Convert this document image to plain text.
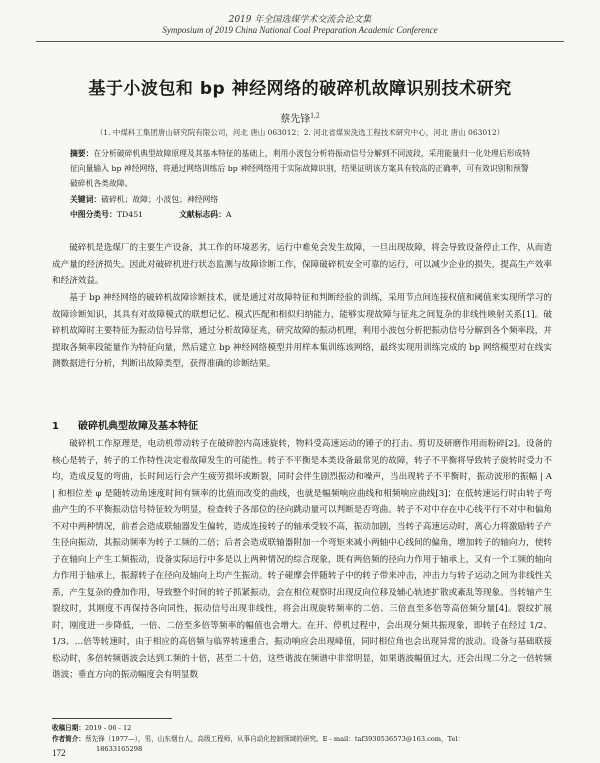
2019 年全国选煤学术交流会论文集
Symposium of 2019 China National Coal Preparation Academic Conference
基于小波包和 bp 神经网络的破碎机故障识别技术研究
蔡先锋$^{1,2}$
（1. 中煤科工集团唐山研究院有限公司，河北 唐山 063012；2. 河北省煤炭洗选工程技术研究中心，河北 唐山 063012）
摘要：在分析破碎机典型故障原理及其基本特征的基础上，利用小波包分析将振动信号分解到不同波段，采用能量归一化处理后形成特征向量输入 bp 神经网络，将通过网络训练后 bp 神经网络用于实际故障识别，结果证明该方案具有较高的正确率，可有效识别和预警破碎机各类故障。
关键词：破碎机；故障；小波包；神经网络
中图分类号：TD451	文献标志码：A

破碎机是选煤厂的主要生产设备，其工作的环境恶劣，运行中难免会发生故障，一旦出现故障，将会导致设备停止工作，从而造成产量的经济损失。因此对破碎机进行状态监测与故障诊断工作，保障破碎机安全可靠的运行，可以减少企业的损失，提高生产效率和经济效益。

基于 bp 神经网络的破碎机故障诊断技术，就是通过对故障特征和判断经验的训练，采用节点间连接权值和阈值来实现所学习的故障诊断知识，其具有对故障模式的联想记忆、模式匹配和相似归纳能力，能够实现故障与征兆之间复杂的非线性映射关系[1]。破碎机故障时主要特征为振动信号异常，通过分析故障征兆，研究故障的振动机理，利用小波包分析把振动信号分解到各个频率段，并提取各频率段能量作为特征向量，然后建立 bp 神经网络模型并用样本集训练该网络，最终实现用训练完成的 bp 网络模型对在线实测数据进行分析，判断出故障类型，获得准确的诊断结果。

1 破碎机典型故障及基本特征

破碎机工作原理是，电动机带动转子在破碎腔内高速旋转，物料受高速运动的锤子的打击、剪切及研磨作用而粉碎[2]。设备的核心是转子，转子的工作特性决定着故障发生的可能性。转子不平衡是本类设备最常见的故障，转子不平衡将导致转子旋转时受力不均，造成反复的弯曲，长时间运行会产生疲劳损坏或断裂，同时会伴生剧烈振动和噪声，当出现转子不平衡时，振动波形的振幅 | A | 和相位差 φ 是随转动角速度时间有频率的比值而改变的曲线，也就是幅频响应曲线和相频响应曲线[3]；在低转速运行时由转子弯曲产生的不平衡振动信号特征较为明显，检查转子各部位的径向跳动量可以判断是否弯曲。转子不对中存在中心线平行不对中和偏角不对中两种情况，前者会造成联轴器发生偏转，造成连接转子的轴承受较不高，振动加剧，当转子高速运动时，离心力将激励转子产生径向振动，其振动频率为转子工频的二倍；后者会造成联轴器附加一个弯矩来减小两轴中心线间的偏角，增加转子的轴向力，使转子在轴向上产生工频振动，设备实际运行中多是以上两种情况的综合现象，既有两倍频的径向力作用于轴承上，又有一个工频的轴向力作用于轴承上，振源转子在径向及轴向上均产生振动。转子碰摩会伴随转子中的转子带来冲击，冲击力与转子运动之间为非线性关系，产生复杂的叠加作用，导致整个时间的转子抓紧振动，会在相位观察时出现反向位移及辅心轨迹扩散或紊乱等现象。当转轴产生裂纹时，其刚度不再保持各向同性，振动信号出现非线性，将会出现旋转频率的二倍、三倍直至多倍等高倍频分量[4]。裂纹扩展时，刚度进一步降低，一倍、二倍至多倍等频率的幅值也会增大。在开、停机过程中，会出现分频共振现象，即转子在经过 1/2、1/3、…倍等转速时，由于相应的高倍频与临界转速重合，振动响应会出现峰值，同时相位角也会出现异常的波动。设备与基础联接松动时，多倍转频谐波会达到工频的十倍，甚至二十倍，这些谐波在频谱中非常明显，如果谐波幅值过大，还会出现二分之一倍转频谐波；垂直方向的振动幅度会有明显数

收稿日期：2019 - 06 - 12
作者简介：蔡先锋（1977—），男，山东烟台人，高级工程师，从事自动化控制领域的研究。E - mail：taf3930536573@163.com，Tel：
18633165298
172
